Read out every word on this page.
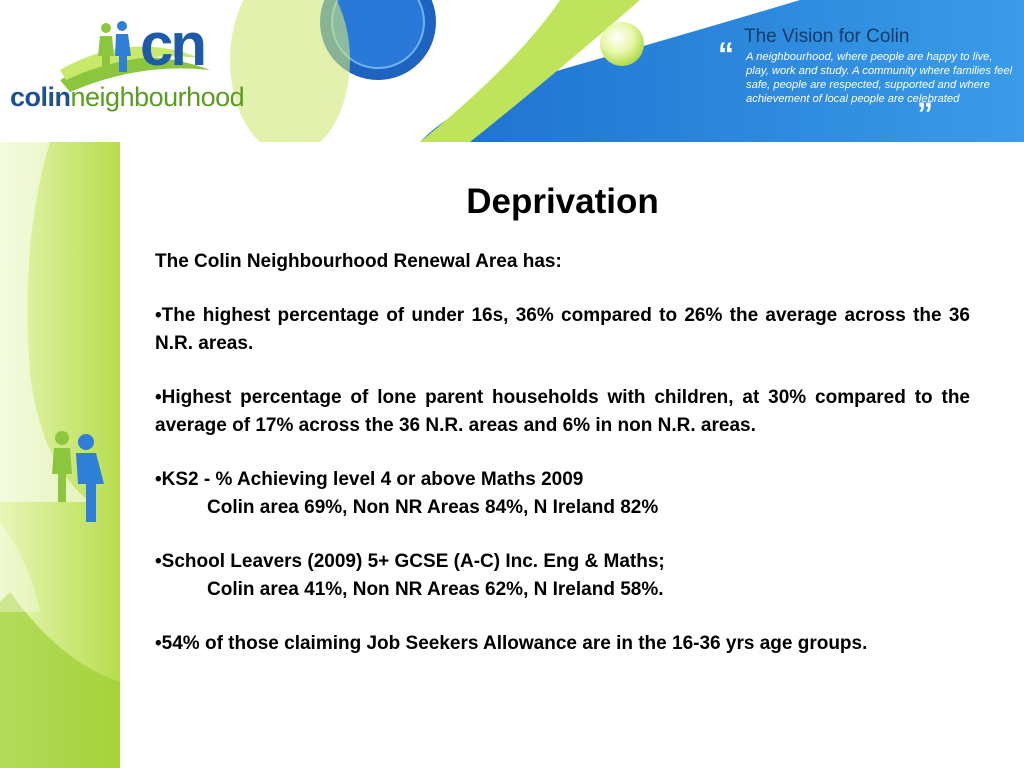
cn
colinneighbourhood
The Vision for Colin
“ A neighbourhood, where people are happy to live, play, work and study. A community where families feel safe, people are respected, supported and where achievement of local people are celebrated
”
Deprivation

The Colin Neighbourhood Renewal Area has:

•The highest percentage of under 16s, 36% compared to 26% the average across the 36 N.R. areas.

•Highest percentage of lone parent households with children, at 30% compared to the average of 17% across the 36 N.R. areas and 6% in non N.R. areas.

•KS2 - % Achieving level 4 or above Maths 2009
Colin area 69%, Non NR Areas 84%, N Ireland 82%

•School Leavers (2009) 5+ GCSE (A-C) Inc. Eng & Maths;
Colin area 41%, Non NR Areas 62%, N Ireland 58%.

•54% of those claiming Job Seekers Allowance are in the 16-36 yrs age groups.
